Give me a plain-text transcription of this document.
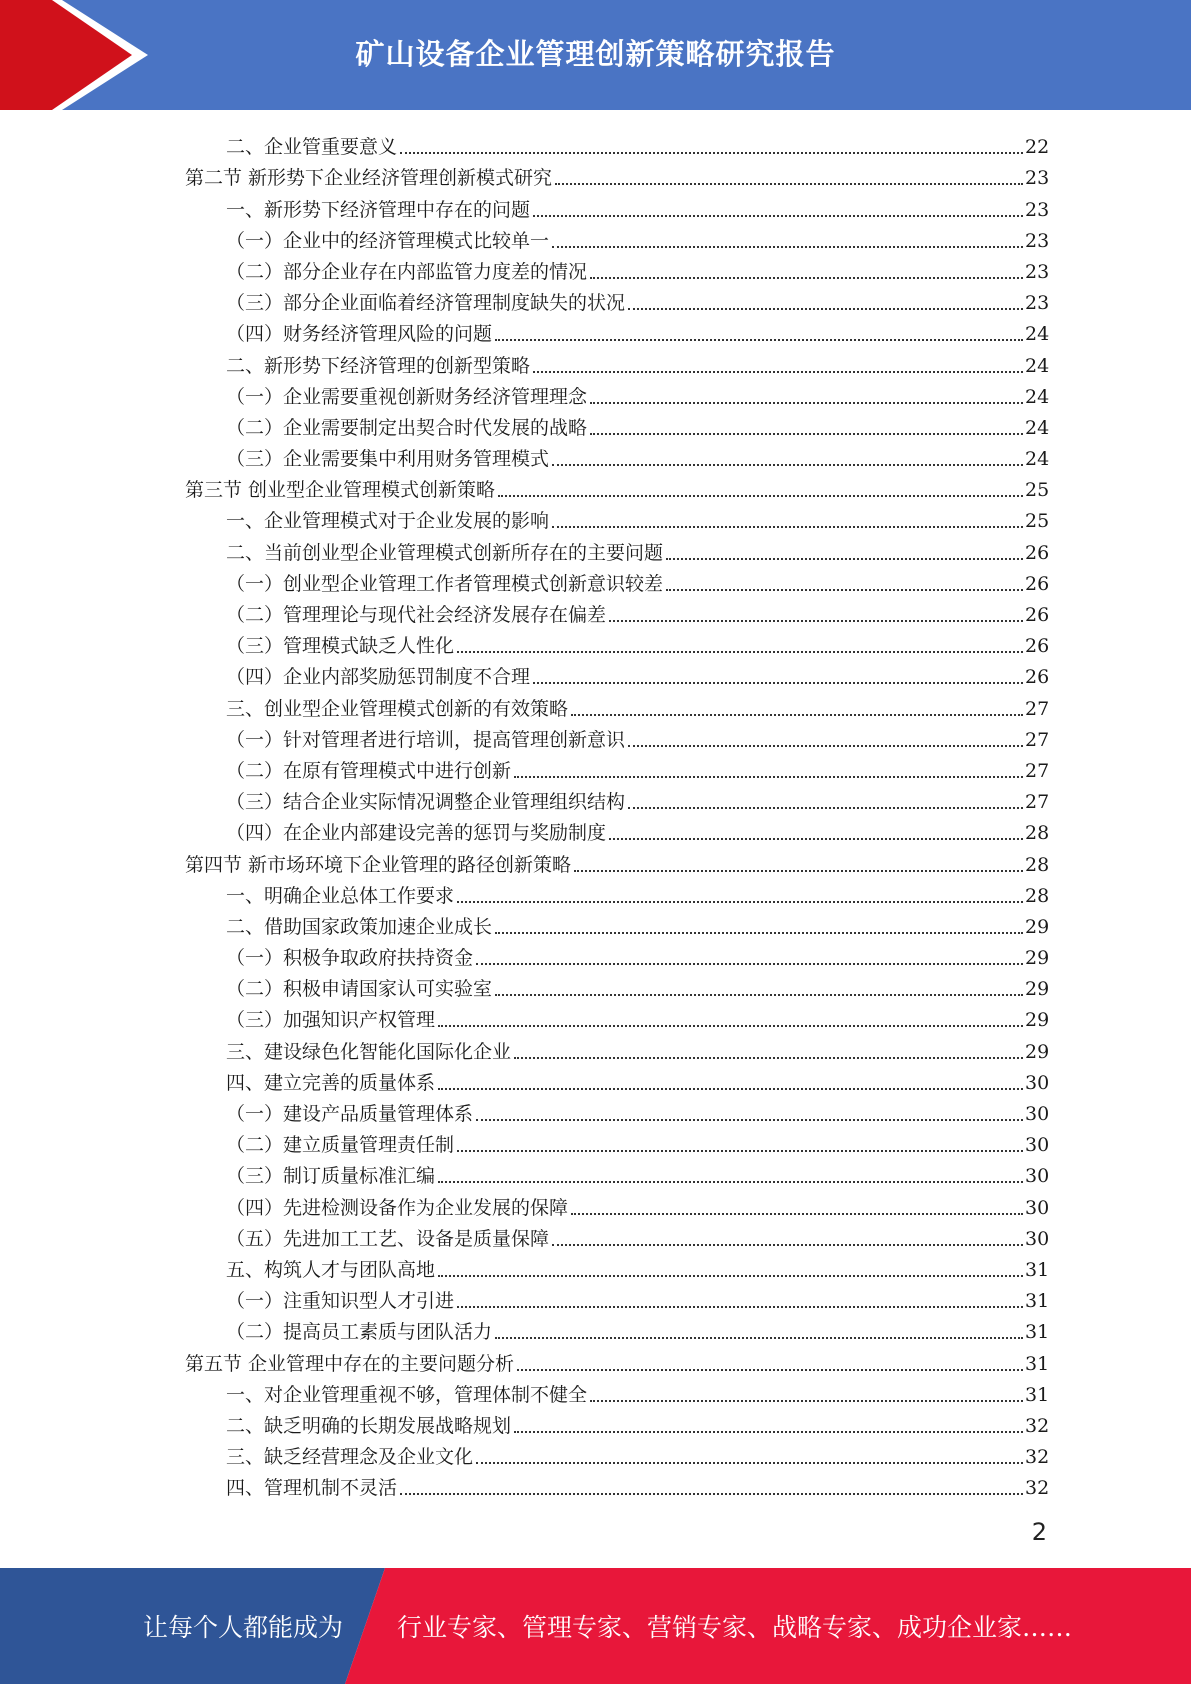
矿山设备企业管理创新策略研究报告
二、企业管重要意义	22
第二节 新形势下企业经济管理创新模式研究	23
一、新形势下经济管理中存在的问题	23
（一）企业中的经济管理模式比较单一	23
（二）部分企业存在内部监管力度差的情况	23
（三）部分企业面临着经济管理制度缺失的状况	23
（四）财务经济管理风险的问题	24
二、新形势下经济管理的创新型策略	24
（一）企业需要重视创新财务经济管理理念	24
（二）企业需要制定出契合时代发展的战略	24
（三）企业需要集中利用财务管理模式	24
第三节 创业型企业管理模式创新策略	25
一、企业管理模式对于企业发展的影响	25
二、当前创业型企业管理模式创新所存在的主要问题	26
（一）创业型企业管理工作者管理模式创新意识较差	26
（二）管理理论与现代社会经济发展存在偏差	26
（三）管理模式缺乏人性化	26
（四）企业内部奖励惩罚制度不合理	26
三、创业型企业管理模式创新的有效策略	27
（一）针对管理者进行培训，提高管理创新意识	27
（二）在原有管理模式中进行创新	27
（三）结合企业实际情况调整企业管理组织结构	27
（四）在企业内部建设完善的惩罚与奖励制度	28
第四节 新市场环境下企业管理的路径创新策略	28
一、明确企业总体工作要求	28
二、借助国家政策加速企业成长	29
（一）积极争取政府扶持资金	29
（二）积极申请国家认可实验室	29
（三）加强知识产权管理	29
三、建设绿色化智能化国际化企业	29
四、建立完善的质量体系	30
（一）建设产品质量管理体系	30
（二）建立质量管理责任制	30
（三）制订质量标准汇编	30
（四）先进检测设备作为企业发展的保障	30
（五）先进加工工艺、设备是质量保障	30
五、构筑人才与团队高地	31
（一）注重知识型人才引进	31
（二）提高员工素质与团队活力	31
第五节 企业管理中存在的主要问题分析	31
一、对企业管理重视不够，管理体制不健全	31
二、缺乏明确的长期发展战略规划	32
三、缺乏经营理念及企业文化	32
四、管理机制不灵活	32
2
让每个人都能成为 行业专家、管理专家、营销专家、战略专家、成功企业家……
